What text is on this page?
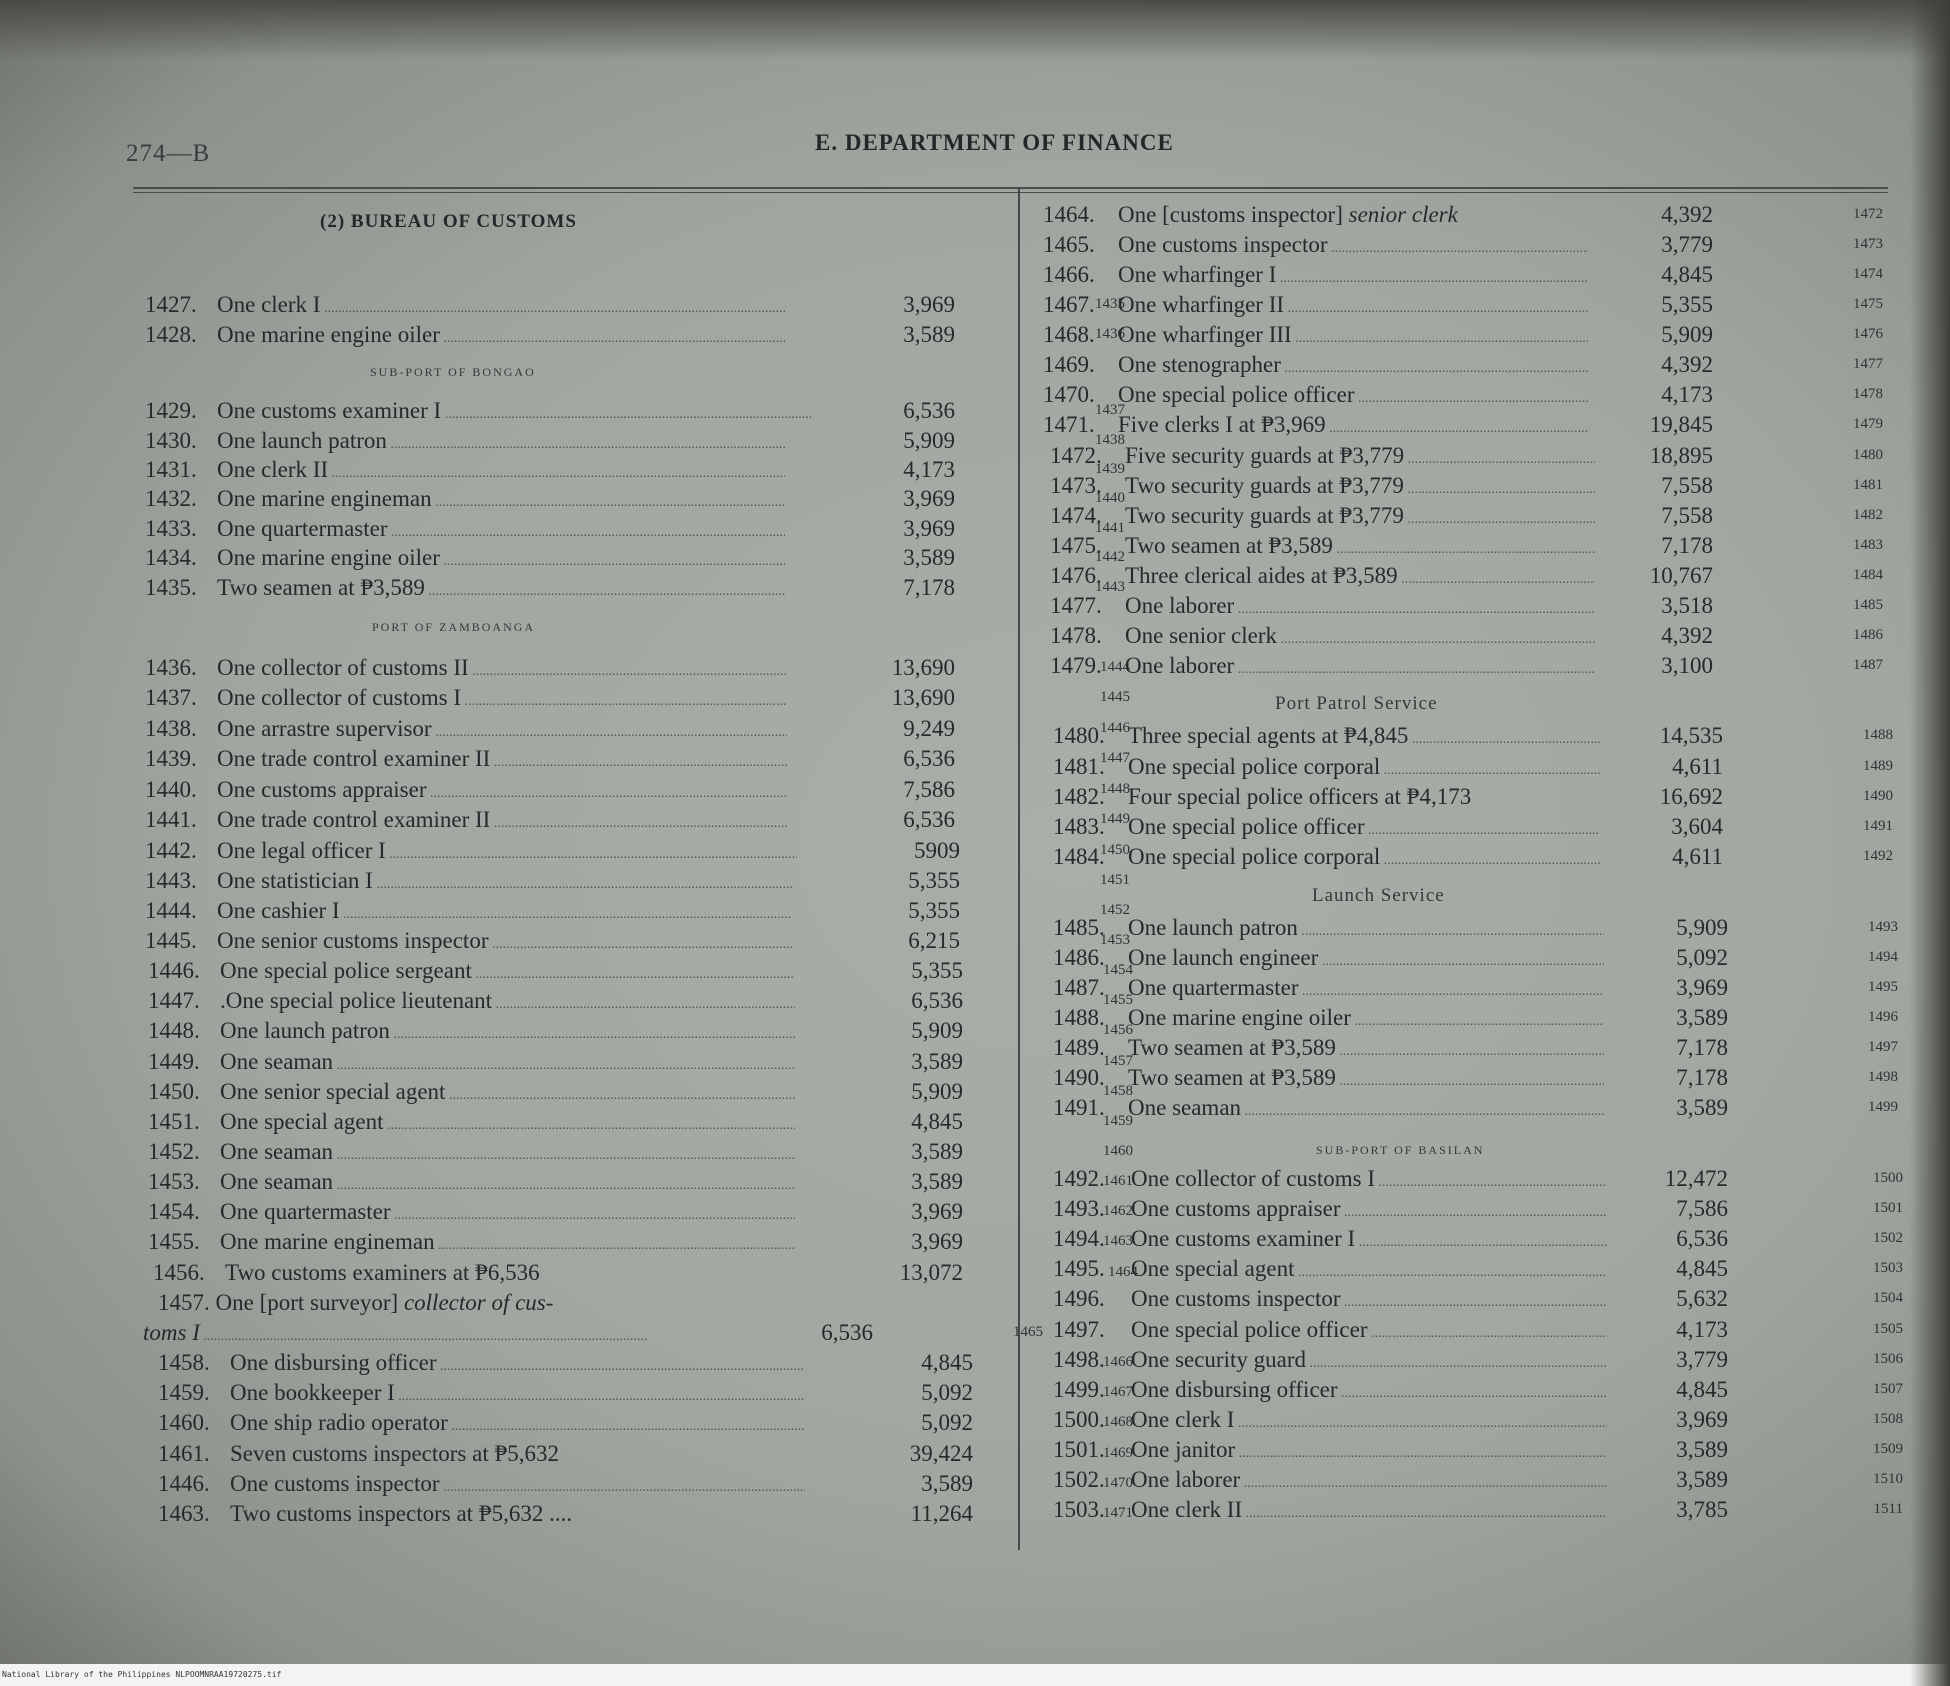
274—B	E. DEPARTMENT OF FINANCE
(2) BUREAU OF CUSTOMS
1427. One clerk I .....	3,969	1435
1428. One marine engine oiler .....	3,589	1436
SUB-PORT OF BONGAO
1429. One customs examiner I .....	6,536	1437
1430. One launch patron .....	5,909	1438
1431. One clerk II .....	4,173	1439
1432. One marine engineman .....	3,969	1440
1433. One quartermaster .....	3,969	1441
1434. One marine engine oiler .....	3,589	1442
1435. Two seamen at ₱3,589 .....	7,178	1443
PORT OF ZAMBOANGA
1436. One collector of customs II .....	13,690	1444
1437. One collector of customs I .....	13,690	1445
1438. One arrastre supervisor .....	9,249	1446
1439. One trade control examiner II .....	6,536	1447
1440. One customs appraiser .....	7,586	1448
1441. One trade control examiner II .....	6,536	1449
1442. One legal officer I .....	5909	1450
1443. One statistician I .....	5,355	1451
1444. One cashier I .....	5,355	1452
1445. One senior customs inspector .....	6,215	1453
1446. One special police sergeant .....	5,355	1454
1447. .One special police lieutenant .....	6,536	1455
1448. One launch patron .....	5,909	1456
1449. One seaman .....	3,589	1457
1450. One senior special agent .....	5,909	1458
1451. One special agent .....	4,845	1459
1452. One seaman .....	3,589	1460
1453. One seaman .....	3,589	1461
1454. One quartermaster .....	3,969	1462
1455. One marine engineman .....	3,969	1463
1456. Two customs examiners at ₱6,536	13,072	1464
1457. One [port surveyor] collector of cus-
toms I .....	6,536	1465
1458. One disbursing officer .....	4,845	1466
1459. One bookkeeper I .....	5,092	1467
1460. One ship radio operator .....	5,092	1468
1461. Seven customs inspectors at ₱5,632	39,424	1469
1446. One customs inspector .....	3,589	1470
1463. Two customs inspectors at ₱5,632 ....	11,264	1471
1464. One [customs inspector] senior clerk	4,392	1472
1465. One customs inspector .....	3,779	1473
1466. One wharfinger I .....	4,845	1474
1467. One wharfinger II .....	5,355	1475
1468. One wharfinger III .....	5,909	1476
1469. One stenographer .....	4,392	1477
1470. One special police officer .....	4,173	1478
1471. Five clerks I at ₱3,969 .....	19,845	1479
1472. Five security guards at ₱3,779 .....	18,895	1480
1473. Two security guards at ₱3,779 .....	7,558	1481
1474. Two security guards at ₱3,779 .....	7,558	1482
1475. Two seamen at ₱3,589 .....	7,178	1483
1476. Three clerical aides at ₱3,589 .....	10,767	1484
1477. One laborer .....	3,518	1485
1478. One senior clerk .....	4,392	1486
1479. One laborer .....	3,100	1487
Port Patrol Service
1480. Three special agents at ₱4,845 .....	14,535	1488
1481. One special police corporal .....	4,611	1489
1482. Four special police officers at ₱4,173	16,692	1490
1483. One special police officer .....	3,604	1491
1484. One special police corporal .....	4,611	1492
Launch Service
1485. One launch patron .....	5,909	1493
1486. One launch engineer .....	5,092	1494
1487. One quartermaster .....	3,969	1495
1488. One marine engine oiler .....	3,589	1496
1489. Two seamen at ₱3,589 .....	7,178	1497
1490. Two seamen at ₱3,589 .....	7,178	1498
1491. One seaman .....	3,589	1499
SUB-PORT OF BASILAN
1492. One collector of customs I .....	12,472	1500
1493. One customs appraiser .....	7,586	1501
1494. One customs examiner I .....	6,536	1502
1495. One special agent .....	4,845	1503
1496. One customs inspector .....	5,632	1504
1497. One special police officer .....	4,173	1505
1498. One security guard .....	3,779	1506
1499. One disbursing officer .....	4,845	1507
1500. One clerk I .....	3,969	1508
1501. One janitor .....	3,589	1509
1502. One laborer .....	3,589	1510
1503. One clerk II .....	3,785	1511
National Library of the Philippines NLPOOMNRAA19720275.tif
